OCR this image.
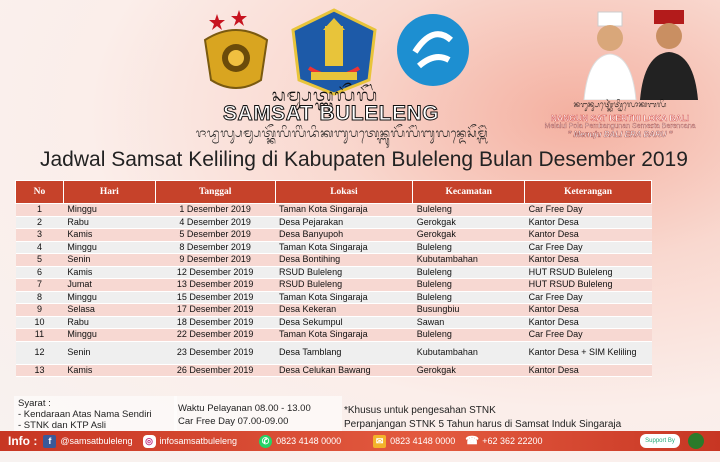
ᬲᬫ᭄ᬲᬢ᭄ᬩᬸᬮᭂᬮᭂᬂ
SAMSAT BULELENG
ᬚᬤ᭄ᬯᬮ᭄ᬲᬫ᭄ᬲᬢ᭄ᬓᭂᬮᬶᬮᬶᬂᬤᬶᬓᬩᬸᬧᬢᬾᬦ᭄ᬩᬸᬮᭂᬮᭂᬂᬩᬸᬮᬦ᭄ᬤᬾᬲᭂᬫ᭄ᬩᭂᬃ
Jadwal Samsat Keliling di Kabupaten Buleleng Bulan Desember 2019
ᬦᬗᬸᬦ᭄ᬲᬢ᭄ᬓᬾᬃᬢ᭄ᬣᬶᬮᭀᬓᬩᬮᬶ
NANGUN SAT KERTHI LOKA BALI
Melalui Pola Pembangunan Semesta Berencana
" Menuju BALI ERA BARU "
No	Hari	Tanggal	Lokasi	Kecamatan	Keterangan
1	Minggu	1 Desember 2019	Taman Kota Singaraja	Buleleng	Car Free Day
2	Rabu	4 Desember 2019	Desa Pejarakan	Gerokgak	Kantor Desa
3	Kamis	5 Desember 2019	Desa Banyupoh	Gerokgak	Kantor Desa
4	Minggu	8 Desember 2019	Taman Kota Singaraja	Buleleng	Car Free Day
5	Senin	9 Desember 2019	Desa Bontihing	Kubutambahan	Kantor Desa
6	Kamis	12 Desember 2019	RSUD Buleleng	Buleleng	HUT RSUD Buleleng
7	Jumat	13 Desember 2019	RSUD Buleleng	Buleleng	HUT RSUD Buleleng
8	Minggu	15 Desember 2019	Taman Kota Singaraja	Buleleng	Car Free Day
9	Selasa	17 Desember 2019	Desa Kekeran	Busungbiu	Kantor Desa
10	Rabu	18 Desember 2019	Desa Sekumpul	Sawan	Kantor Desa
11	Minggu	22 Desember 2019	Taman Kota Singaraja	Buleleng	Car Free Day
12	Senin	23 Desember 2019	Desa Tamblang	Kubutambahan	Kantor Desa + SIM Keliling
13	Kamis	26 Desember 2019	Desa Celukan Bawang	Gerokgak	Kantor Desa
Syarat :
- Kendaraan Atas Nama Sendiri
- STNK dan KTP Asli
Waktu Pelayanan 08.00 - 13.00
Car Free Day 07.00-09.00
*Khusus untuk pengesahan STNK
Perpanjangan STNK 5 Tahun harus di Samsat Induk Singaraja
Info :	f	@samsatbuleleng ◎ infosamsatbuleleng	✆ 0823 4148 0000	✉ 0823 4148 0000 ☎ +62 362 22200	Support By
